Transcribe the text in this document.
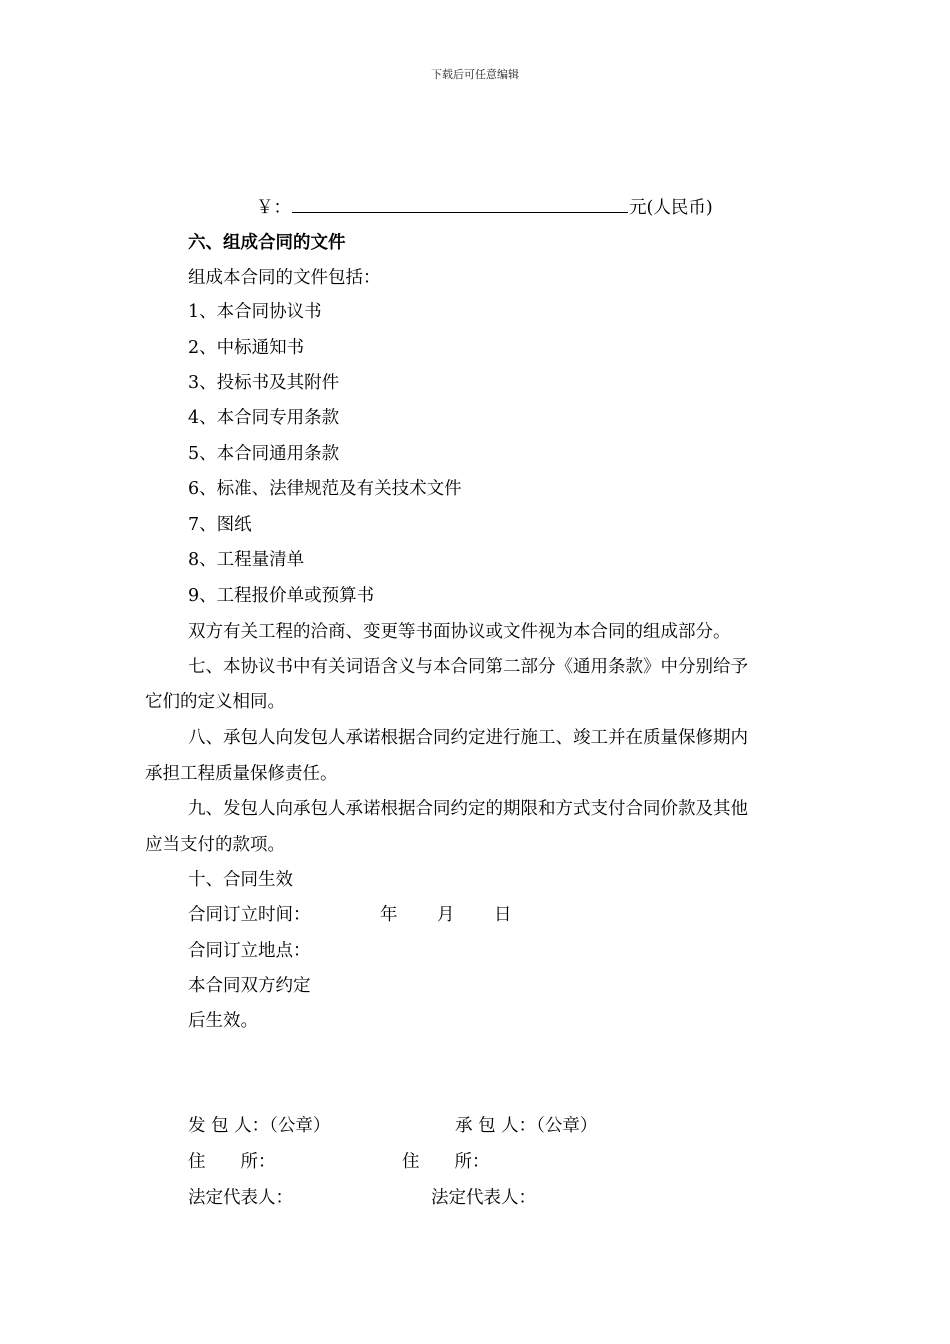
下载后可任意编辑
￥：	元(人民币)
六、组成合同的文件
组成本合同的文件包括：
1、本合同协议书
2、中标通知书
3、投标书及其附件
4、本合同专用条款
5、本合同通用条款
6、标准、法律规范及有关技术文件
7、图纸
8、工程量清单
9、工程报价单或预算书
双方有关工程的洽商、变更等书面协议或文件视为本合同的组成部分。
七、本协议书中有关词语含义与本合同第二部分《通用条款》中分别给予
它们的定义相同。
八、承包人向发包人承诺根据合同约定进行施工、竣工并在质量保修期内
承担工程质量保修责任。
九、发包人向承包人承诺根据合同约定的期限和方式支付合同价款及其他
应当支付的款项。
十、合同生效
合同订立时间：	年 月 日
合同订立地点：
本合同双方约定
后生效。
发 包 人：（公章）	承 包 人：（公章）
住　　所：	住　　所：
法定代表人：	法定代表人：
